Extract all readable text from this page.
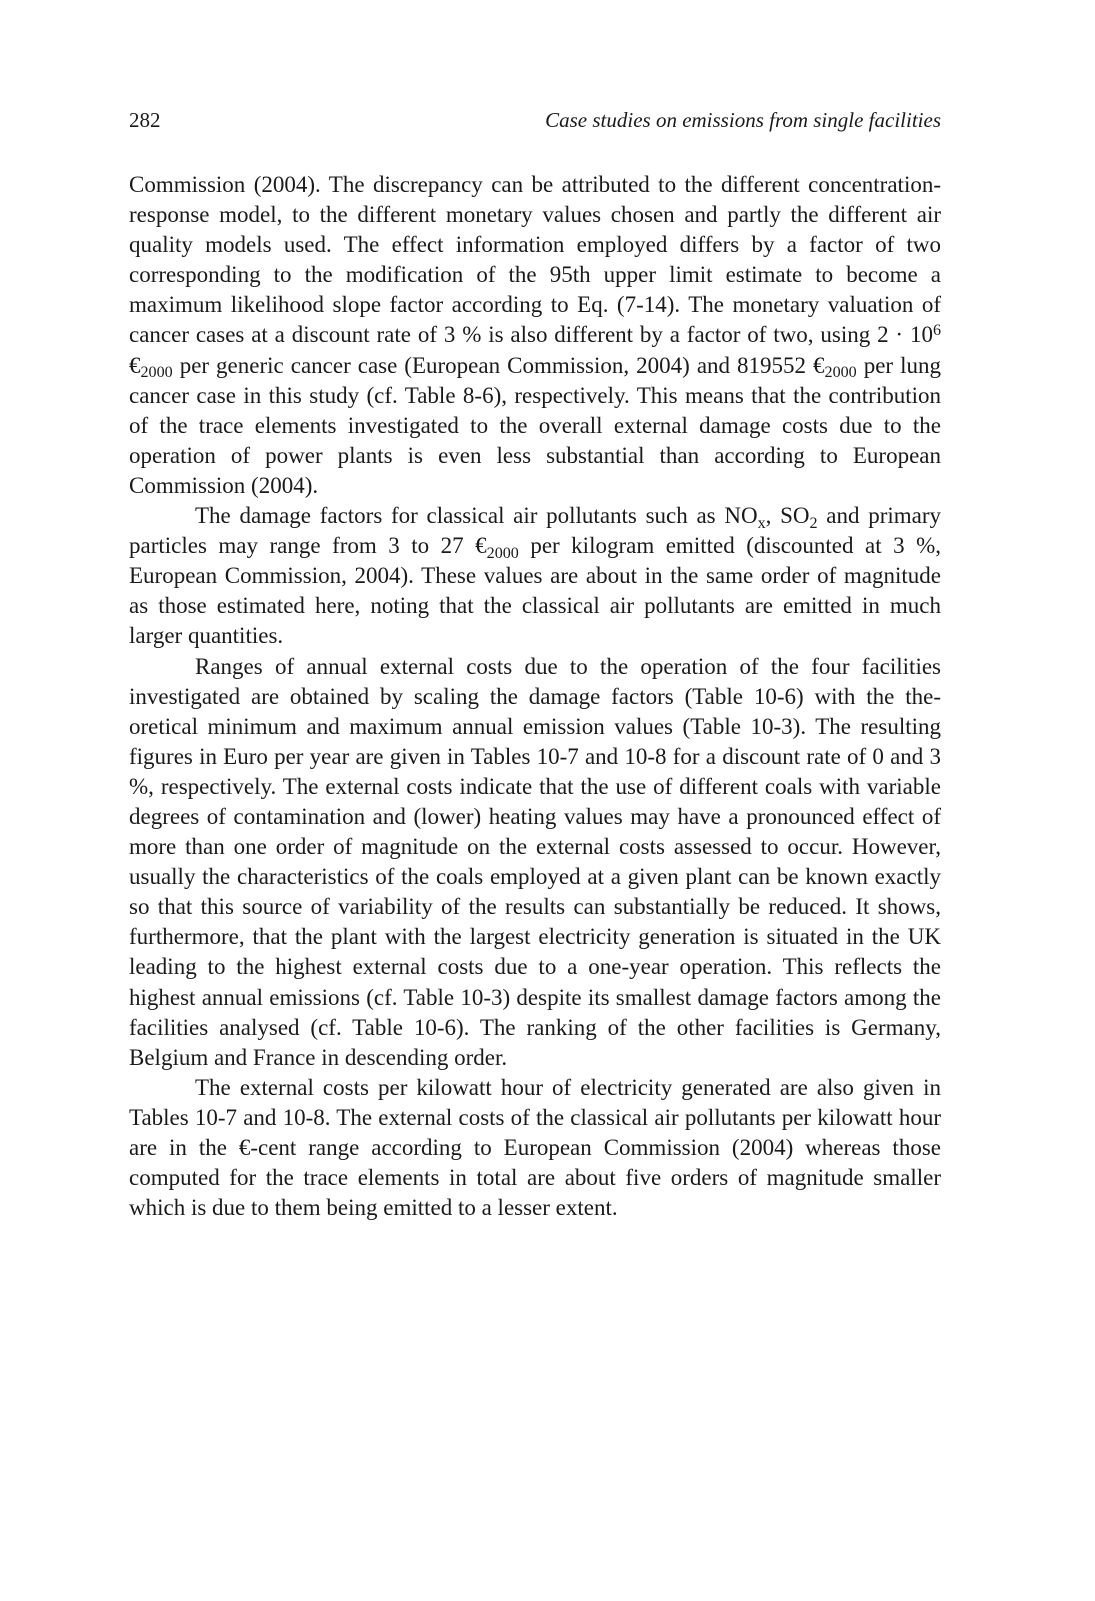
282	Case studies on emissions from single facilities

Commission (2004). The discrepancy can be attributed to the different concentration-response model, to the different monetary values chosen and partly the different air quality models used. The effect information employed differs by a factor of two corresponding to the modification of the 95th upper limit estimate to become a maximum likelihood slope factor according to Eq. (7-14). The monetary valuation of cancer cases at a discount rate of 3 % is also different by a factor of two, using $2 \cdot 10^6$ $€_{2000}$ per generic cancer case (European Commission, 2004) and 819552 $€_{2000}$ per lung cancer case in this study (cf. Table 8-6), respectively. This means that the contribution of the trace elements investigated to the overall external damage costs due to the operation of power plants is even less substantial than according to European Commission (2004).

The damage factors for classical air pollutants such as $NO_x$, $SO_2$ and primary particles may range from 3 to 27 $€_{2000}$ per kilogram emitted (discounted at 3 %, European Commission, 2004). These values are about in the same order of magnitude as those estimated here, noting that the classical air pollutants are emitted in much larger quantities.

Ranges of annual external costs due to the operation of the four facilities investigated are obtained by scaling the damage factors (Table 10-6) with the theoretical minimum and maximum annual emission values (Table 10-3). The resulting figures in Euro per year are given in Tables 10-7 and 10-8 for a discount rate of 0 and 3 %, respectively. The external costs indicate that the use of different coals with variable degrees of contamination and (lower) heating values may have a pronounced effect of more than one order of magnitude on the external costs assessed to occur. However, usually the characteristics of the coals employed at a given plant can be known exactly so that this source of variability of the results can substantially be reduced. It shows, furthermore, that the plant with the largest electricity generation is situated in the UK leading to the highest external costs due to a one-year operation. This reflects the highest annual emissions (cf. Table 10-3) despite its smallest damage factors among the facilities analysed (cf. Table 10-6). The ranking of the other facilities is Germany, Belgium and France in descending order.

The external costs per kilowatt hour of electricity generated are also given in Tables 10-7 and 10-8. The external costs of the classical air pollutants per kilowatt hour are in the €-cent range according to European Commission (2004) whereas those computed for the trace elements in total are about five orders of magnitude smaller which is due to them being emitted to a lesser extent.
